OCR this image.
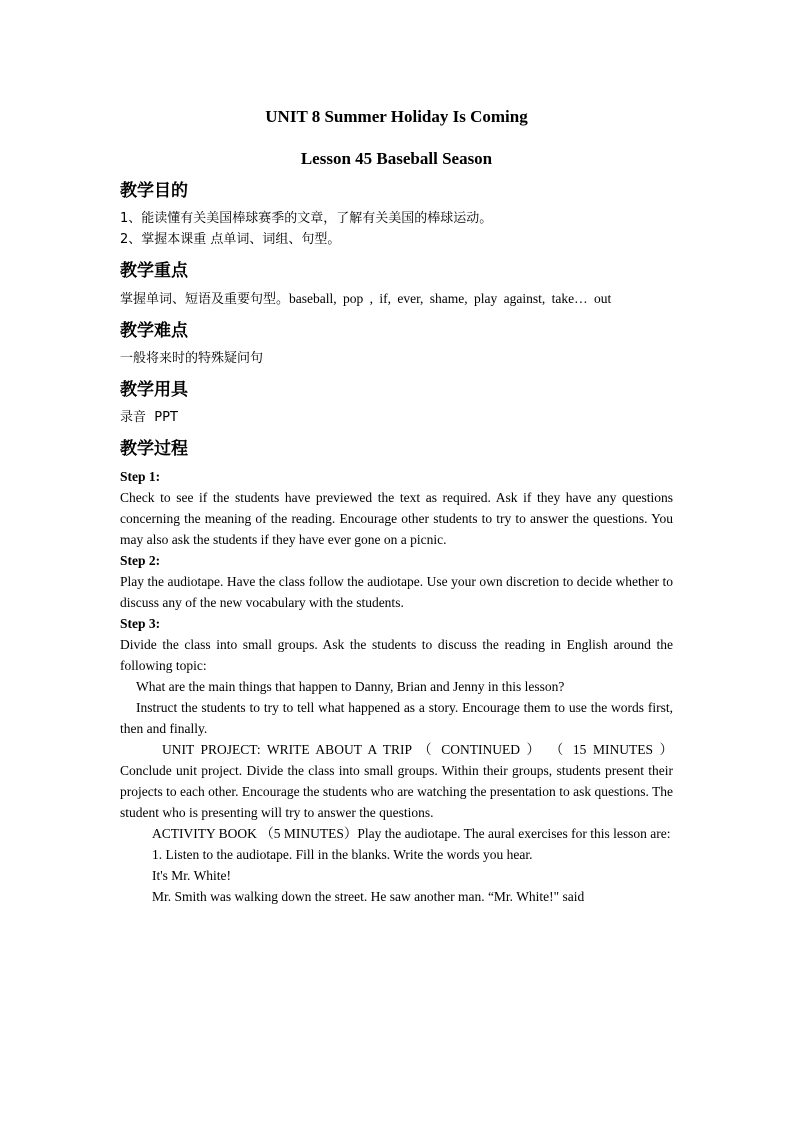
UNIT 8 Summer Holiday Is Coming

Lesson 45 Baseball Season

教学目的

1、能读懂有关美国棒球赛季的文章，了解有关美国的棒球运动。

2、掌握本课重 点单词、词组、句型。

教学重点

掌握单词、短语及重要句型。baseball, pop , if, ever, shame, play against, take… out

教学难点

一般将来时的特殊疑问句

教学用具

录音  PPT

教学过程

Step 1:

Check to see if the students have previewed the text as required. Ask if they have any questions concerning the meaning of the reading. Encourage other students to try to answer the questions. You may also ask the students if they have ever gone on a picnic.

Step 2:

Play the audiotape. Have the class follow the audiotape. Use your own discretion to decide whether to discuss any of the new vocabulary with the students.

Step 3:

Divide the class into small groups. Ask the students to discuss the reading in English around the following topic:

What are the main things that happen to Danny, Brian and Jenny in this lesson?

Instruct the students to try to tell what happened as a story. Encourage them to use the words first, then and finally.

UNIT PROJECT: WRITE ABOUT A TRIP （ CONTINUED ） （ 15 MINUTES ） Conclude unit project. Divide the class into small groups. Within their groups, students present their projects to each other. Encourage the students who are watching the presentation to ask questions. The student who is presenting will try to answer the questions.

ACTIVITY BOOK （5 MINUTES）Play the audiotape. The aural exercises for this lesson are:

1. Listen to the audiotape. Fill in the blanks. Write the words you hear.

It's Mr. White!

Mr. Smith was walking down the street. He saw another man. “Mr. White!" said
